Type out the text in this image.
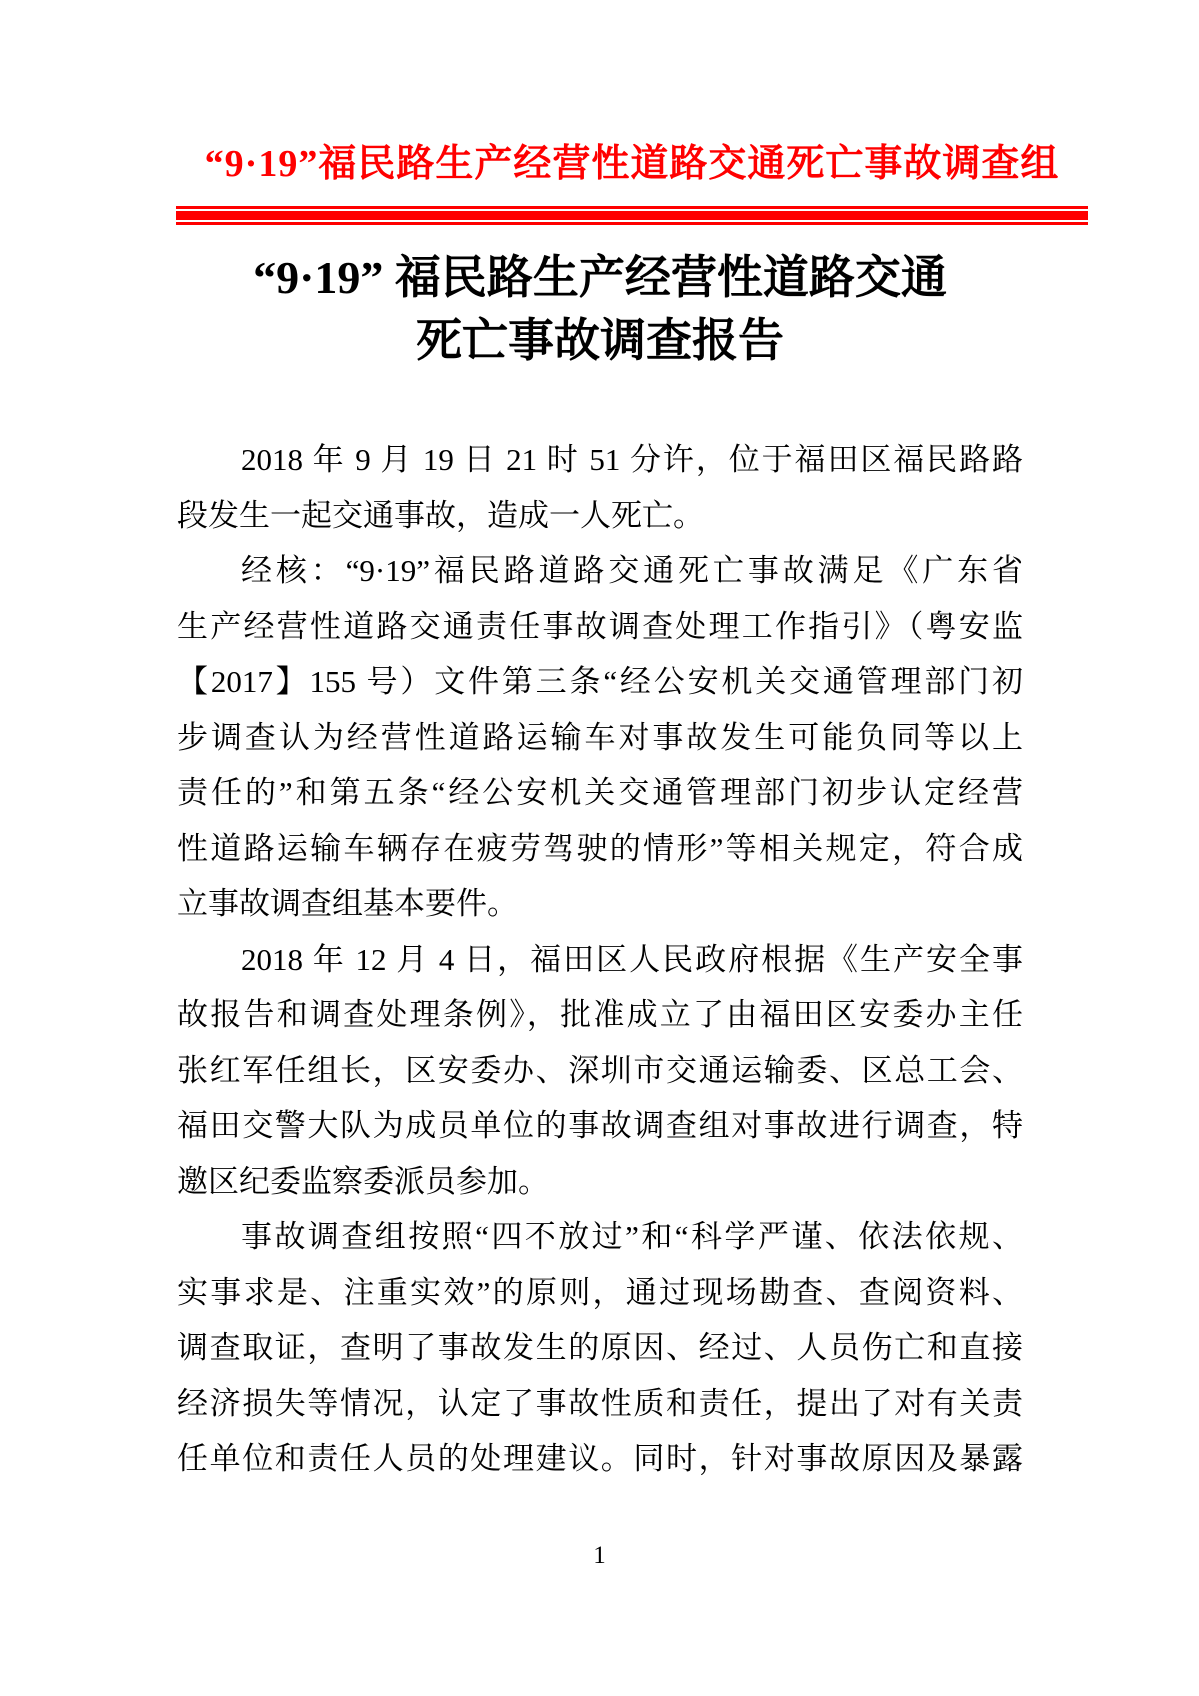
“9·19”福民路生产经营性道路交通死亡事故调查组
“9·19” 福民路生产经营性道路交通
死亡事故调查报告
2018 年 9 月 19 日 21 时 51 分许，位于福田区福民路路
段发生一起交通事故，造成一人死亡。
经核：“9·19”福民路道路交通死亡事故满足《广东省
生产经营性道路交通责任事故调查处理工作指引》（粤安监
【2017】155 号）文件第三条“经公安机关交通管理部门初
步调查认为经营性道路运输车对事故发生可能负同等以上
责任的”和第五条“经公安机关交通管理部门初步认定经营
性道路运输车辆存在疲劳驾驶的情形”等相关规定，符合成
立事故调查组基本要件。
2018 年 12 月 4 日，福田区人民政府根据《生产安全事
故报告和调查处理条例》，批准成立了由福田区安委办主任
张红军任组长，区安委办、深圳市交通运输委、区总工会、
福田交警大队为成员单位的事故调查组对事故进行调查，特
邀区纪委监察委派员参加。
事故调查组按照“四不放过”和“科学严谨、依法依规、
实事求是、注重实效”的原则，通过现场勘查、查阅资料、
调查取证，查明了事故发生的原因、经过、人员伤亡和直接
经济损失等情况，认定了事故性质和责任，提出了对有关责
任单位和责任人员的处理建议。同时，针对事故原因及暴露
1
